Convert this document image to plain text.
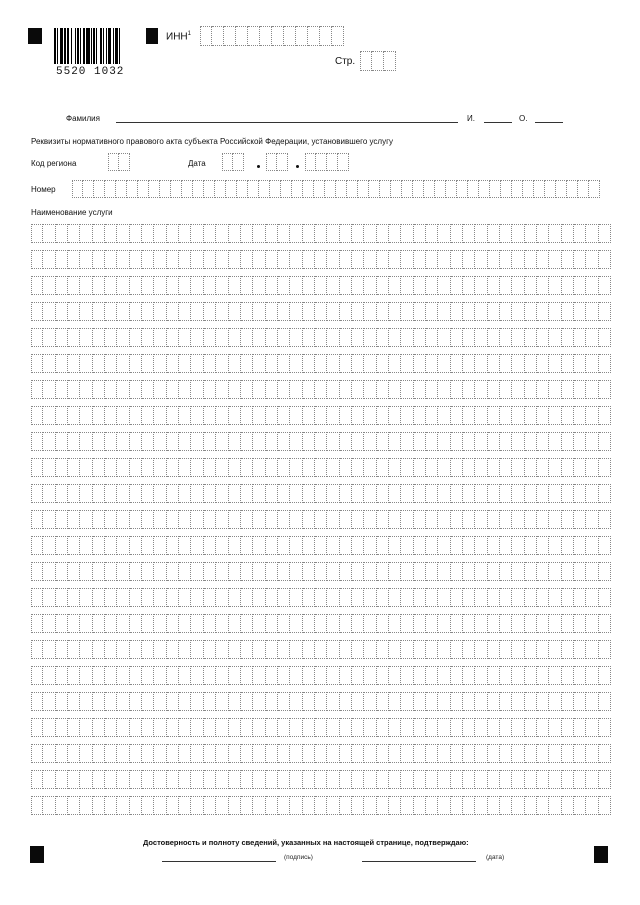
5520 1032
ИНН$^1$
Стр.
Фамилия	И.	О.
Реквизиты нормативного правового акта субъекта Российской Федерации, установившего услугу
Код региона	Дата
Номер
Наименование услуги
Достоверность и полноту сведений, указанных на настоящей странице, подтверждаю:
(подпись)	(дата)
